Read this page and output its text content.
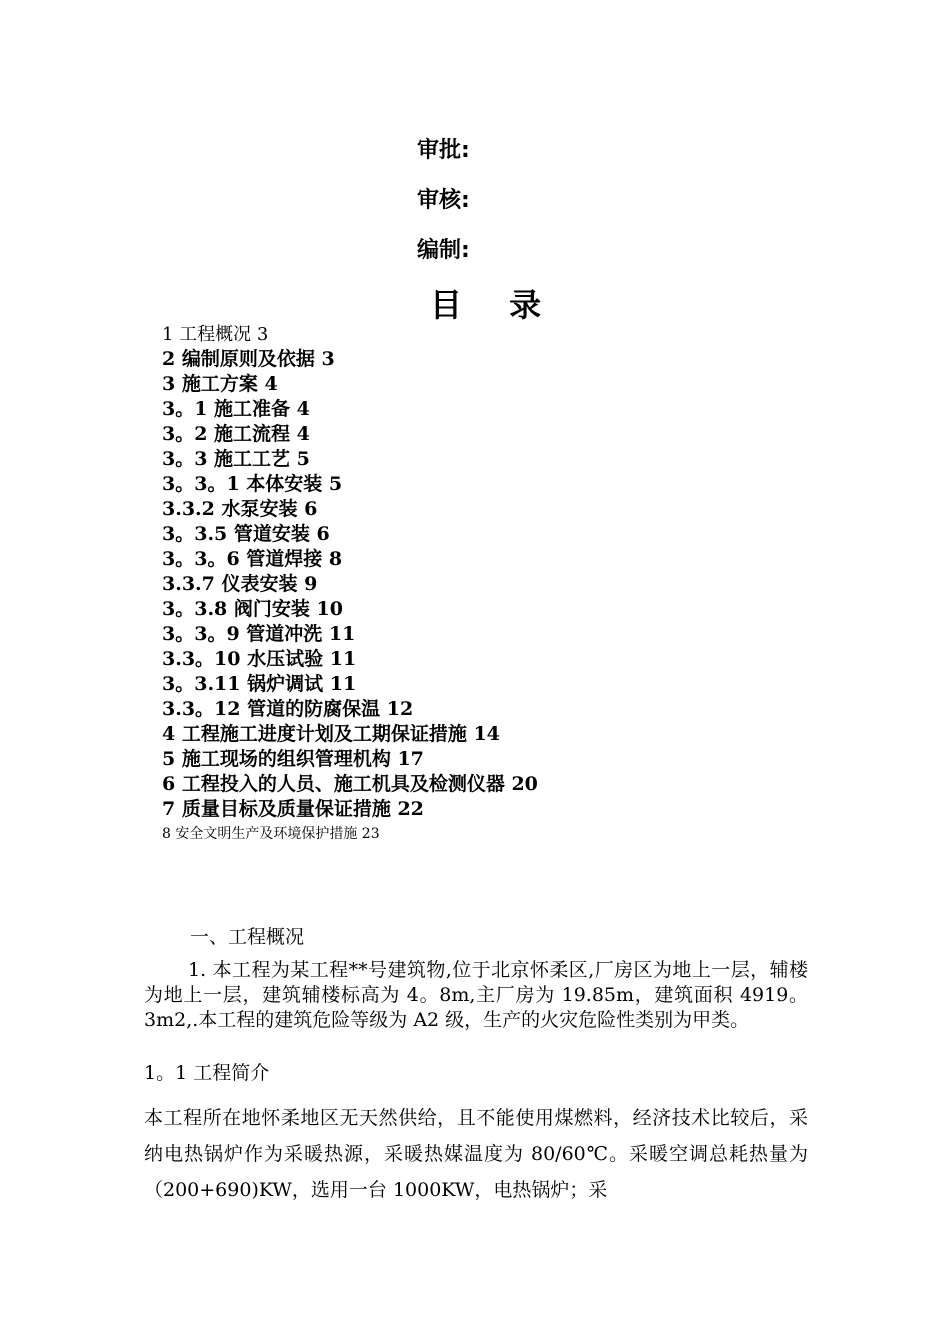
审批:
审核:
编制:
目 录
1 工程概况 3
2 编制原则及依据 3
3 施工方案 4
3。1 施工准备 4
3。2 施工流程 4
3。3 施工工艺 5
3。3。1 本体安装 5
3.3.2 水泵安装 6
3。3.5 管道安装 6
3。3。6 管道焊接 8
3.3.7 仪表安装 9
3。3.8 阀门安装 10
3。3。9 管道冲洗 11
3.3。10 水压试验 11
3。3.11 锅炉调试 11
3.3。12 管道的防腐保温 12
4 工程施工进度计划及工期保证措施 14
5 施工现场的组织管理机构 17
6 工程投入的人员、施工机具及检测仪器 20
7 质量目标及质量保证措施 22
8 安全文明生产及环境保护措施 23
一、工程概况
1. 本工程为某工程**号建筑物,位于北京怀柔区,厂房区为地上一层，辅楼为地上一层，建筑辅楼标高为 4。8m,主厂房为 19.85m，建筑面积 4919。3m2,.本工程的建筑危险等级为 A2 级，生产的火灾危险性类别为甲类。
1。1 工程简介
本工程所在地怀柔地区无天然供给，且不能使用煤燃料，经济技术比较后，采纳电热锅炉作为采暖热源，采暖热媒温度为 80/60℃。采暖空调总耗热量为（200+690)KW，选用一台 1000KW，电热锅炉；采
